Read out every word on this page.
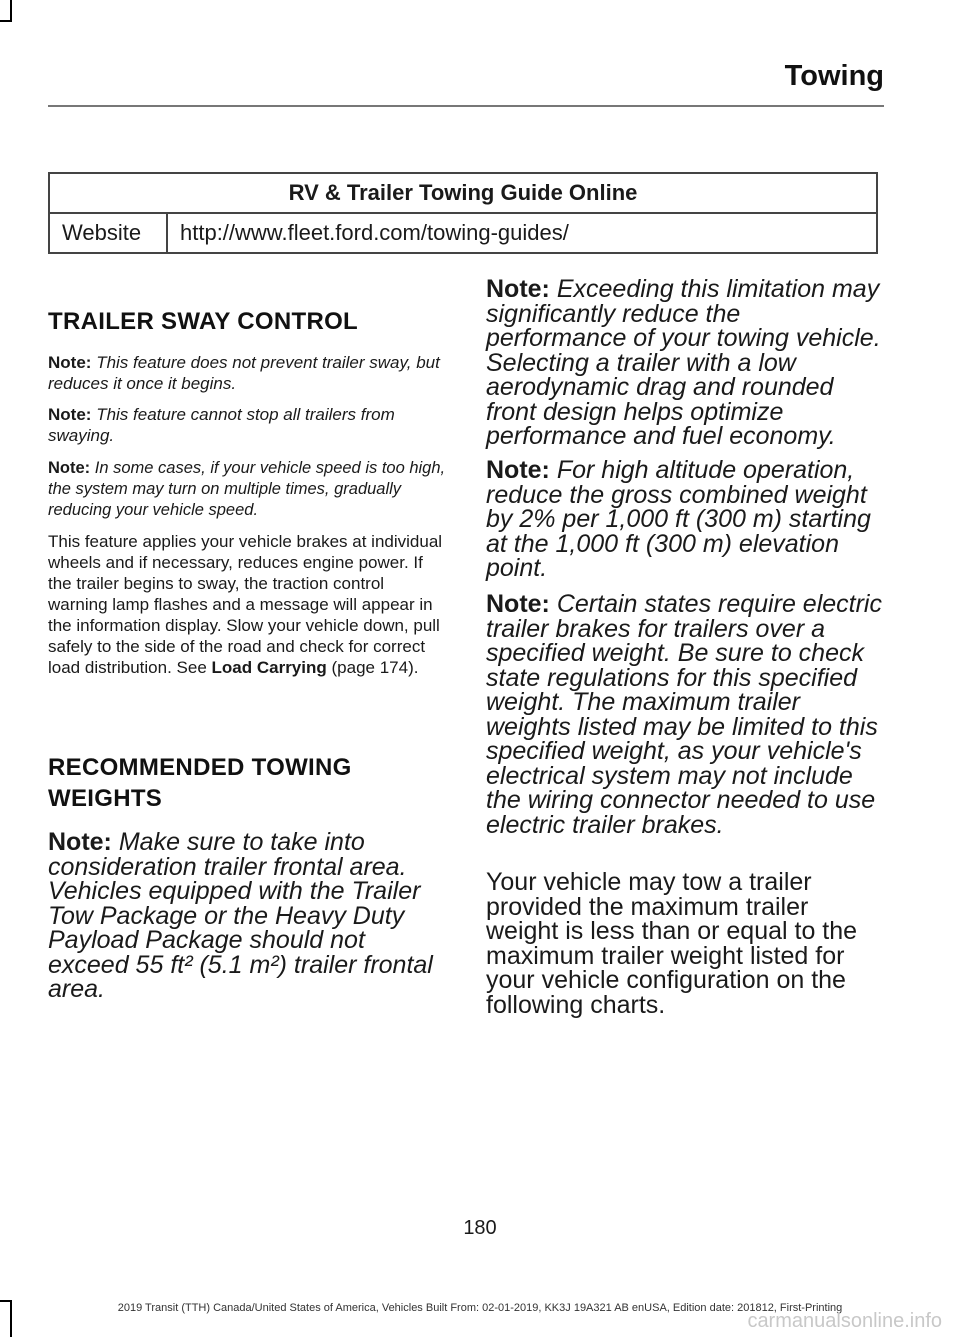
Towing
RV & Trailer Towing Guide Online
Website	http://www.fleet.ford.com/towing-guides/
TRAILER SWAY CONTROL

Note: This feature does not prevent trailer sway, but reduces it once it begins.

Note: This feature cannot stop all trailers from swaying.

Note: In some cases, if your vehicle speed is too high, the system may turn on multiple times, gradually reducing your vehicle speed.

This feature applies your vehicle brakes at individual wheels and if necessary, reduces engine power. If the trailer begins to sway, the traction control warning lamp flashes and a message will appear in the information display. Slow your vehicle down, pull safely to the side of the road and check for correct load distribution. See Load Carrying (page 174).

RECOMMENDED TOWING
WEIGHTS

Note: Make sure to take into consideration trailer frontal area. Vehicles equipped with the Trailer Tow Package or the Heavy Duty Payload Package should not exceed 55 ft² (5.1 m²) trailer frontal area.

Note: Exceeding this limitation may significantly reduce the performance of your towing vehicle. Selecting a trailer with a low aerodynamic drag and rounded front design helps optimize performance and fuel economy.

Note: For high altitude operation, reduce the gross combined weight by 2% per 1,000 ft (300 m) starting at the 1,000 ft (300 m) elevation point.

Note: Certain states require electric trailer brakes for trailers over a specified weight. Be sure to check state regulations for this specified weight. The maximum trailer weights listed may be limited to this specified weight, as your vehicle's electrical system may not include the wiring connector needed to use electric trailer brakes.

Your vehicle may tow a trailer provided the maximum trailer weight is less than or equal to the maximum trailer weight listed for your vehicle configuration on the following charts.

180
2019 Transit (TTH) Canada/United States of America, Vehicles Built From: 02-01-2019, KK3J 19A321 AB enUSA, Edition date: 201812, First-Printing
carmanualsonline.info
